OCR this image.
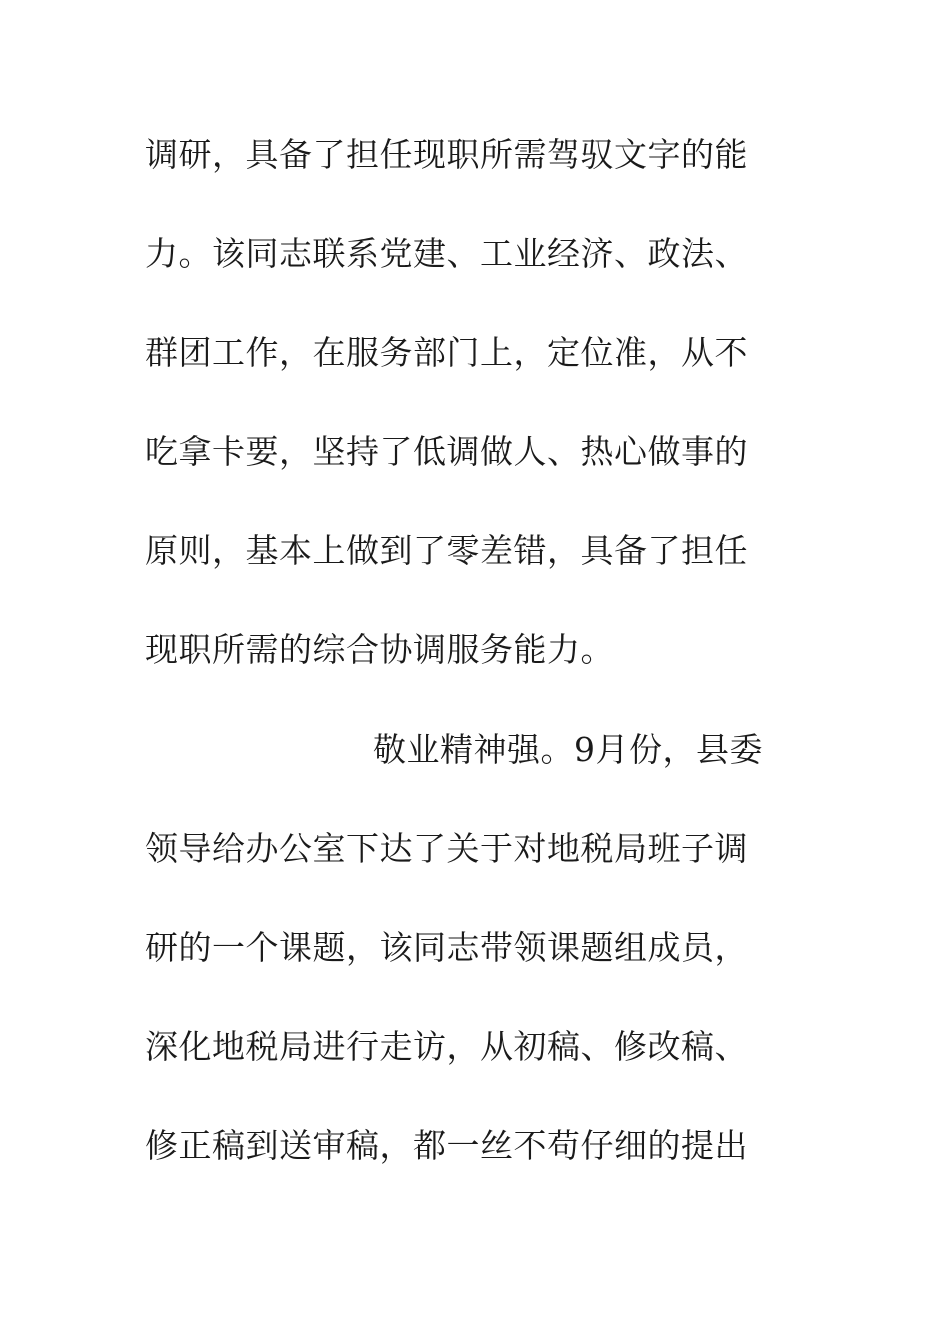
调研，具备了担任现职所需驾驭文字的能
力。该同志联系党建、工业经济、政法、
群团工作，在服务部门上，定位准，从不
吃拿卡要，坚持了低调做人、热心做事的
原则，基本上做到了零差错，具备了担任
现职所需的综合协调服务能力。
敬业精神强。9月份，县委
领导给办公室下达了关于对地税局班子调
研的一个课题，该同志带领课题组成员，
深化地税局进行走访，从初稿、修改稿、
修正稿到送审稿，都一丝不苟仔细的提出
